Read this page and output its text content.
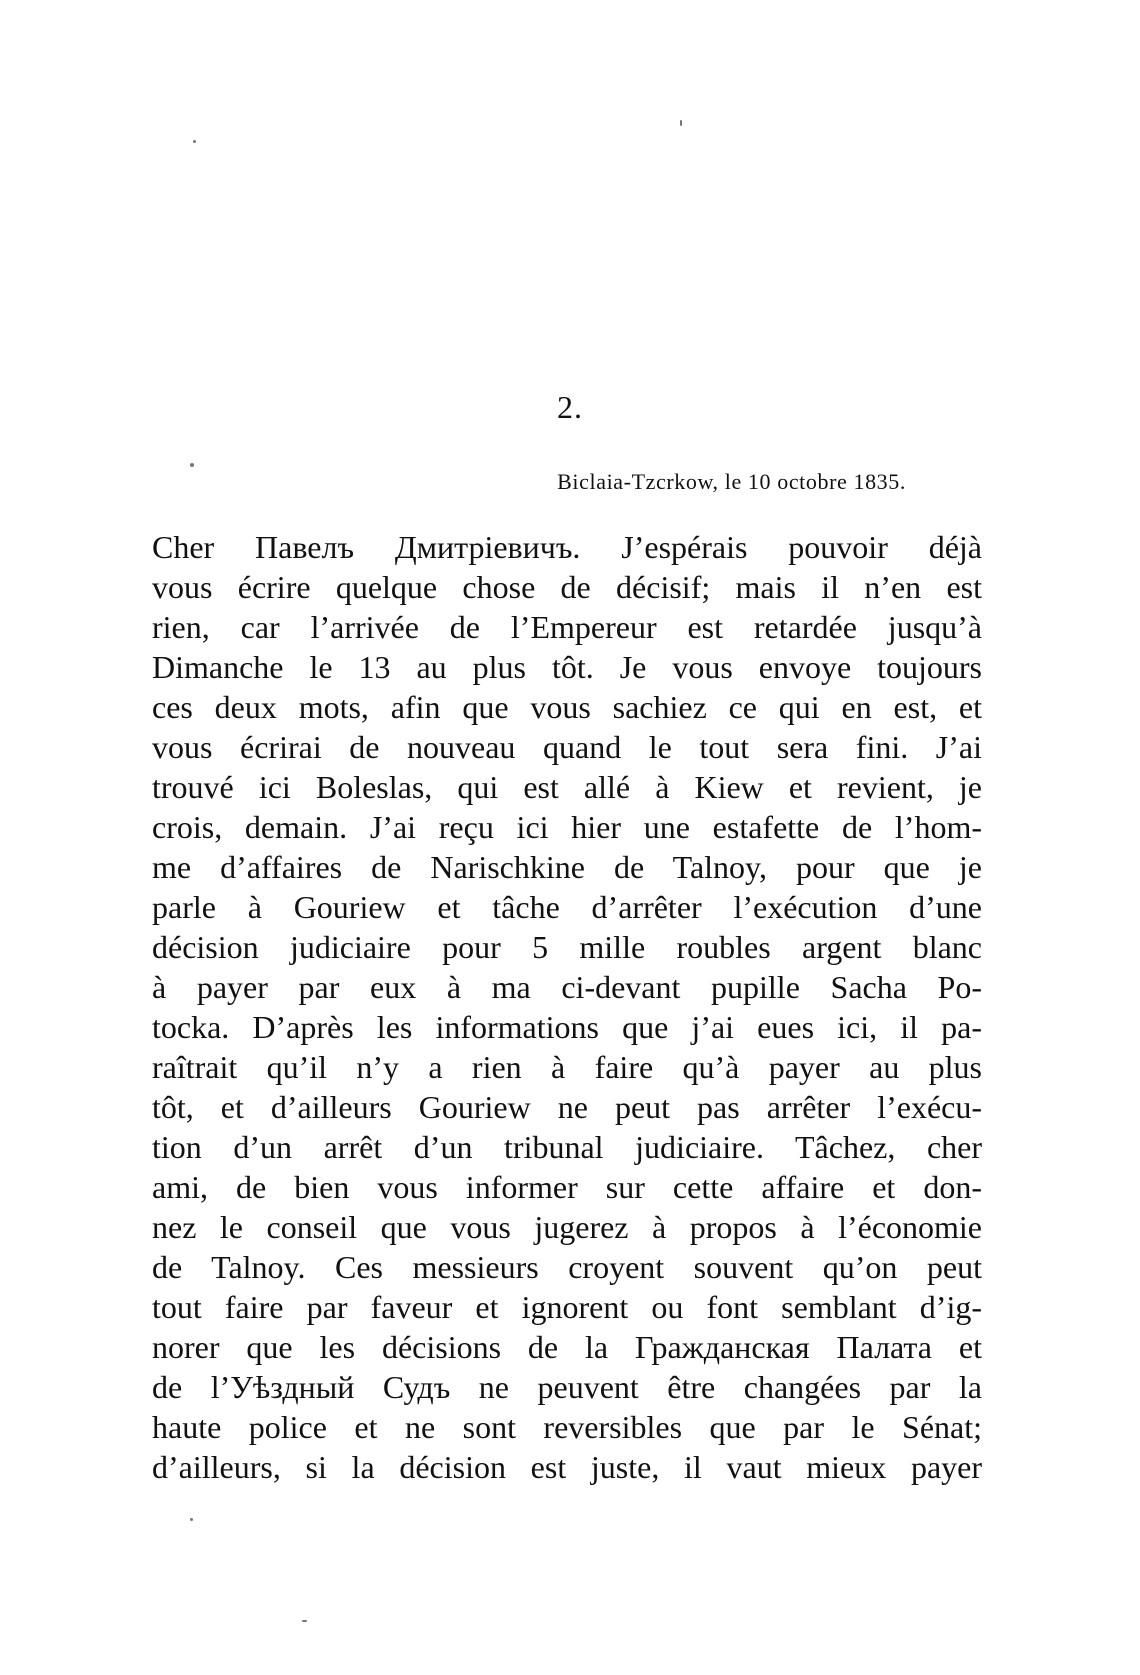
2.
Biclaia-Tzcrkow, le 10 octobre 1835.
Cher Павелъ Дмитріевичъ. J’espérais pouvoir déjà
vous écrire quelque chose de décisif; mais il n’en est
rien, car l’arrivée de l’Empereur est retardée jusqu’à
Dimanche le 13 au plus tôt. Je vous envoye toujours
ces deux mots, afin que vous sachiez ce qui en est, et
vous écrirai de nouveau quand le tout sera fini. J’ai
trouvé ici Boleslas, qui est allé à Kiew et revient, je
crois, demain. J’ai reçu ici hier une estafette de l’hom-
me d’affaires de Narischkine de Talnoy, pour que je
parle à Gouriew et tâche d’arrêter l’exécution d’une
décision judiciaire pour 5 mille roubles argent blanc
à payer par eux à ma ci-devant pupille Sacha Po-
tocka. D’après les informations que j’ai eues ici, il pa-
raîtrait qu’il n’y a rien à faire qu’à payer au plus
tôt, et d’ailleurs Gouriew ne peut pas arrêter l’exécu-
tion d’un arrêt d’un tribunal judiciaire. Tâchez, cher
ami, de bien vous informer sur cette affaire et don-
nez le conseil que vous jugerez à propos à l’économie
de Talnoy. Ces messieurs croyent souvent qu’on peut
tout faire par faveur et ignorent ou font semblant d’ig-
norer que les décisions de la Гражданская Палата et
de l’Уѣздный Судъ ne peuvent être changées par la
haute police et ne sont reversibles que par le Sénat;
d’ailleurs, si la décision est juste, il vaut mieux payer
